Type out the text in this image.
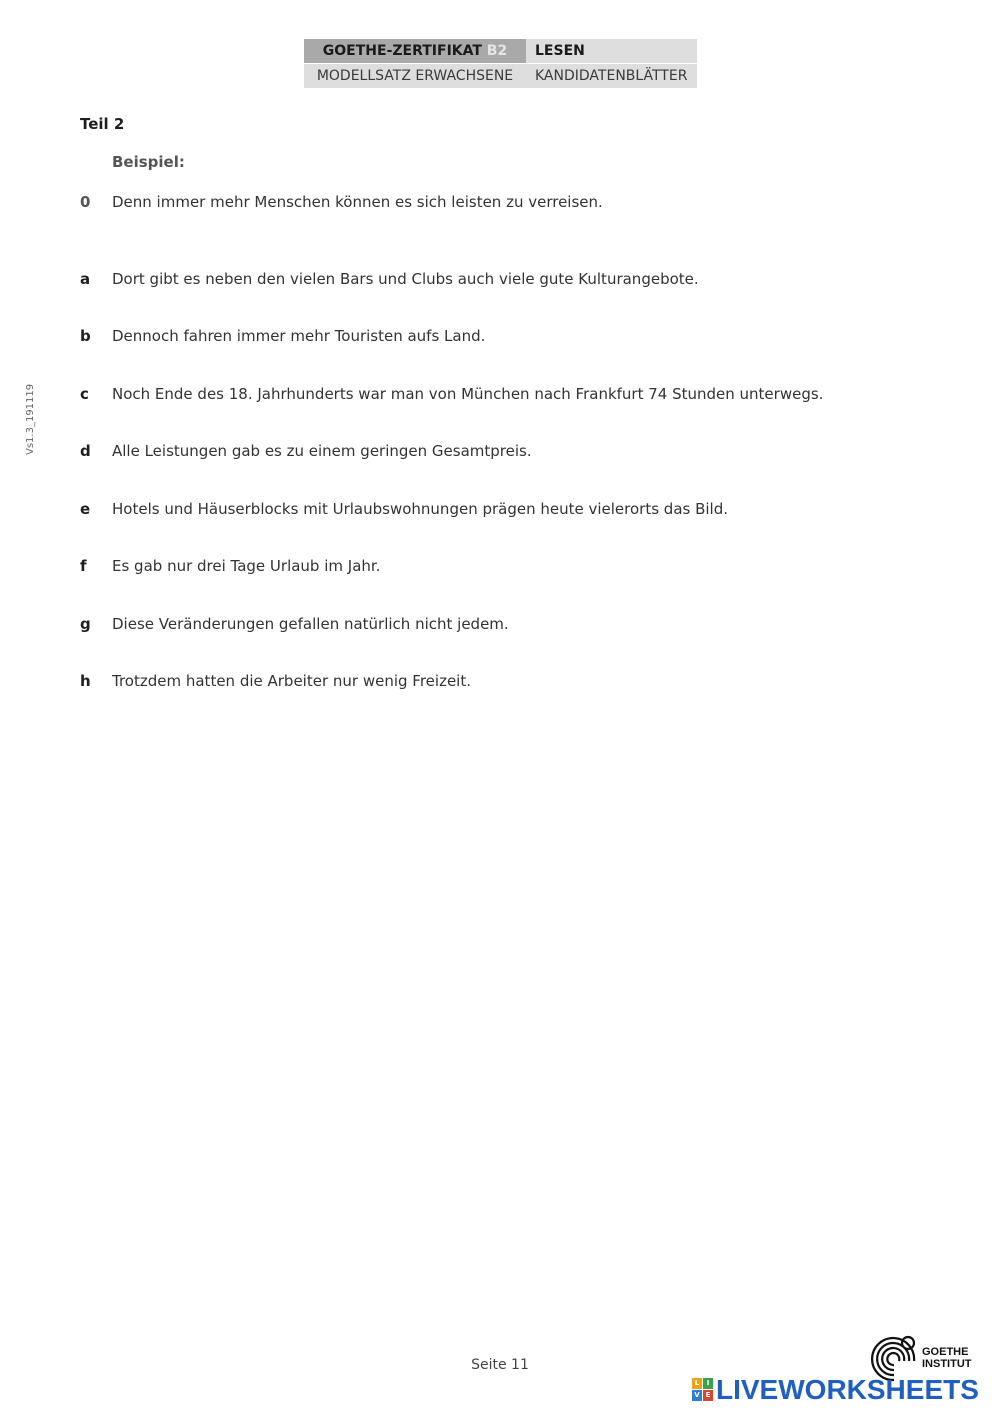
GOETHE-ZERTIFIKAT B2	LESEN
MODELLSATZ ERWACHSENE	KANDIDATENBLÄTTER
Teil 2
Beispiel:
0	Denn immer mehr Menschen können es sich leisten zu verreisen.
a	Dort gibt es neben den vielen Bars und Clubs auch viele gute Kulturangebote.
b	Dennoch fahren immer mehr Touristen aufs Land.
c	Noch Ende des 18. Jahrhunderts war man von München nach Frankfurt 74 Stunden unterwegs.
d	Alle Leistungen gab es zu einem geringen Gesamtpreis.
e	Hotels und Häuserblocks mit Urlaubswohnungen prägen heute vielerorts das Bild.
f	Es gab nur drei Tage Urlaub im Jahr.
g	Diese Veränderungen gefallen natürlich nicht jedem.
h	Trotzdem hatten die Arbeiter nur wenig Freizeit.
Vs1.3_191119
Seite 11
GOETHE
INSTITUT
L	I
V E LIVEWORKSHEETS
